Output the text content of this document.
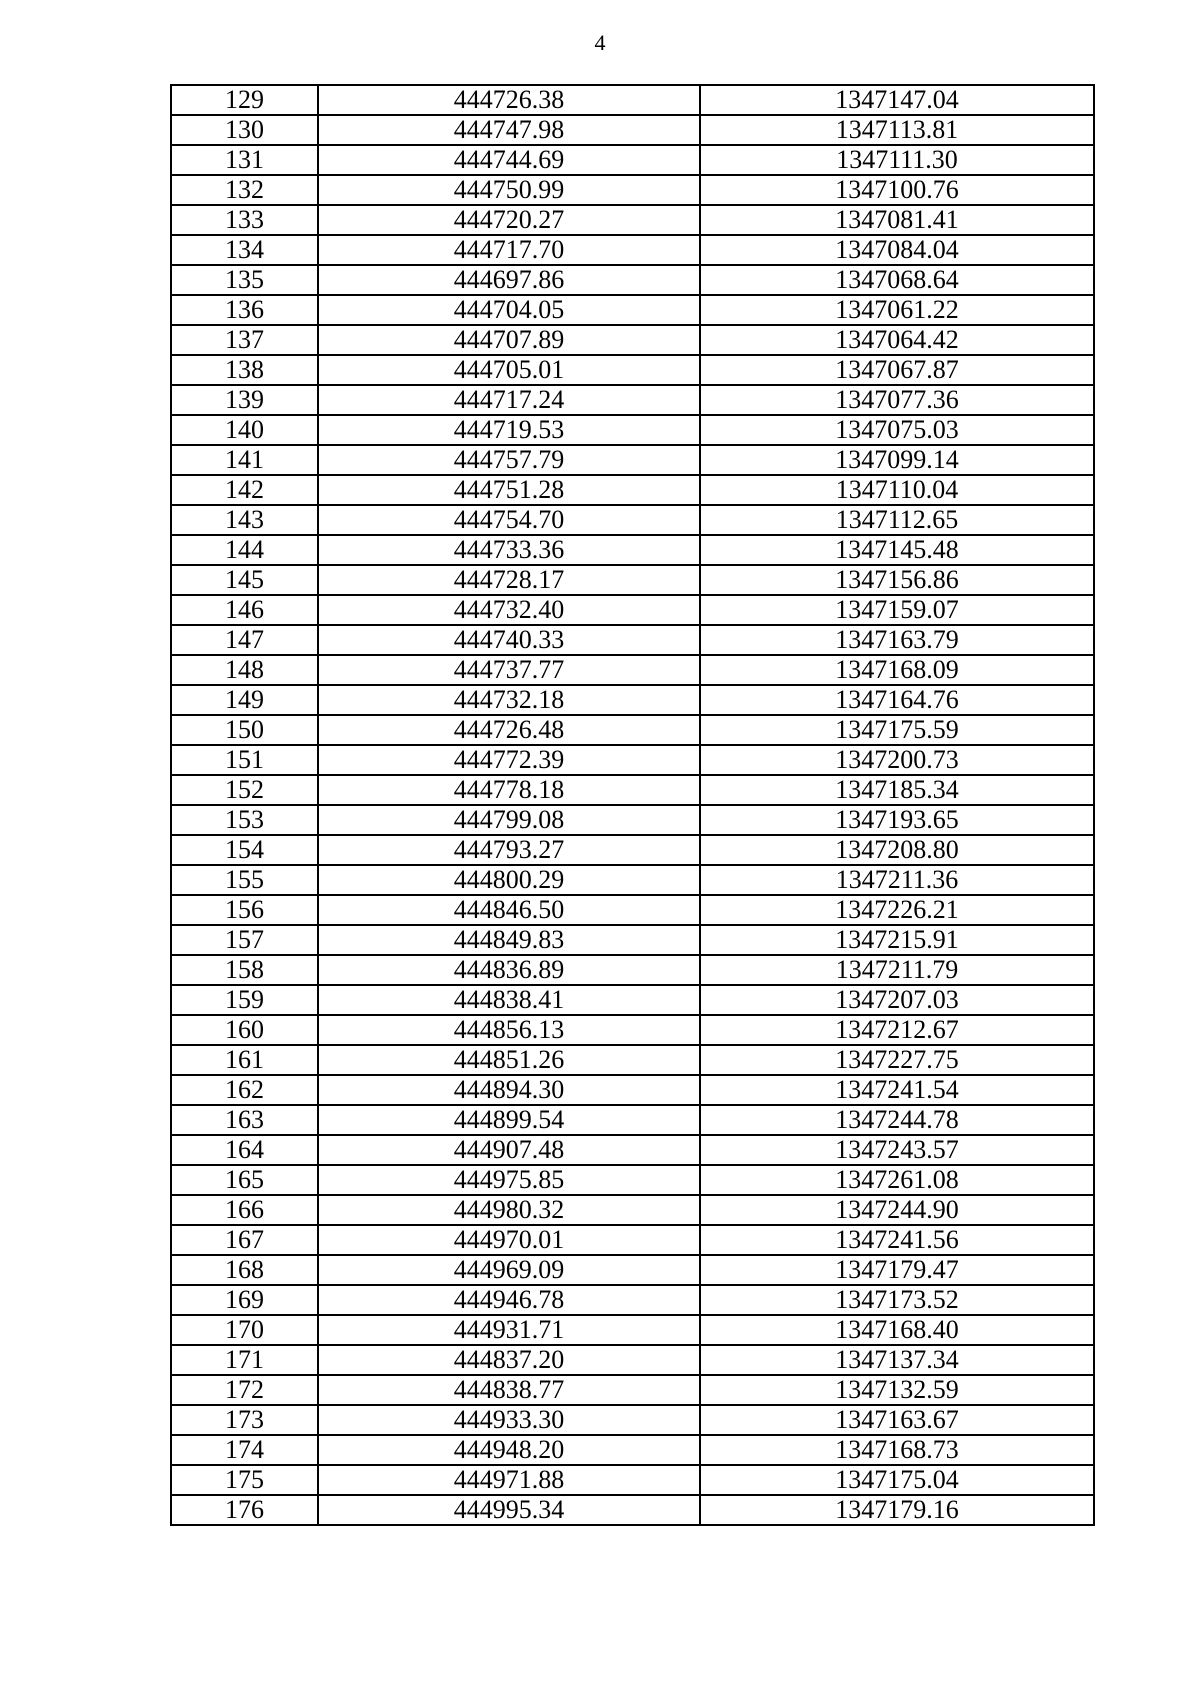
4
129	444726.38	1347147.04
130	444747.98	1347113.81
131	444744.69	1347111.30
132	444750.99	1347100.76
133	444720.27	1347081.41
134	444717.70	1347084.04
135	444697.86	1347068.64
136	444704.05	1347061.22
137	444707.89	1347064.42
138	444705.01	1347067.87
139	444717.24	1347077.36
140	444719.53	1347075.03
141	444757.79	1347099.14
142	444751.28	1347110.04
143	444754.70	1347112.65
144	444733.36	1347145.48
145	444728.17	1347156.86
146	444732.40	1347159.07
147	444740.33	1347163.79
148	444737.77	1347168.09
149	444732.18	1347164.76
150	444726.48	1347175.59
151	444772.39	1347200.73
152	444778.18	1347185.34
153	444799.08	1347193.65
154	444793.27	1347208.80
155	444800.29	1347211.36
156	444846.50	1347226.21
157	444849.83	1347215.91
158	444836.89	1347211.79
159	444838.41	1347207.03
160	444856.13	1347212.67
161	444851.26	1347227.75
162	444894.30	1347241.54
163	444899.54	1347244.78
164	444907.48	1347243.57
165	444975.85	1347261.08
166	444980.32	1347244.90
167	444970.01	1347241.56
168	444969.09	1347179.47
169	444946.78	1347173.52
170	444931.71	1347168.40
171	444837.20	1347137.34
172	444838.77	1347132.59
173	444933.30	1347163.67
174	444948.20	1347168.73
175	444971.88	1347175.04
176	444995.34	1347179.16
